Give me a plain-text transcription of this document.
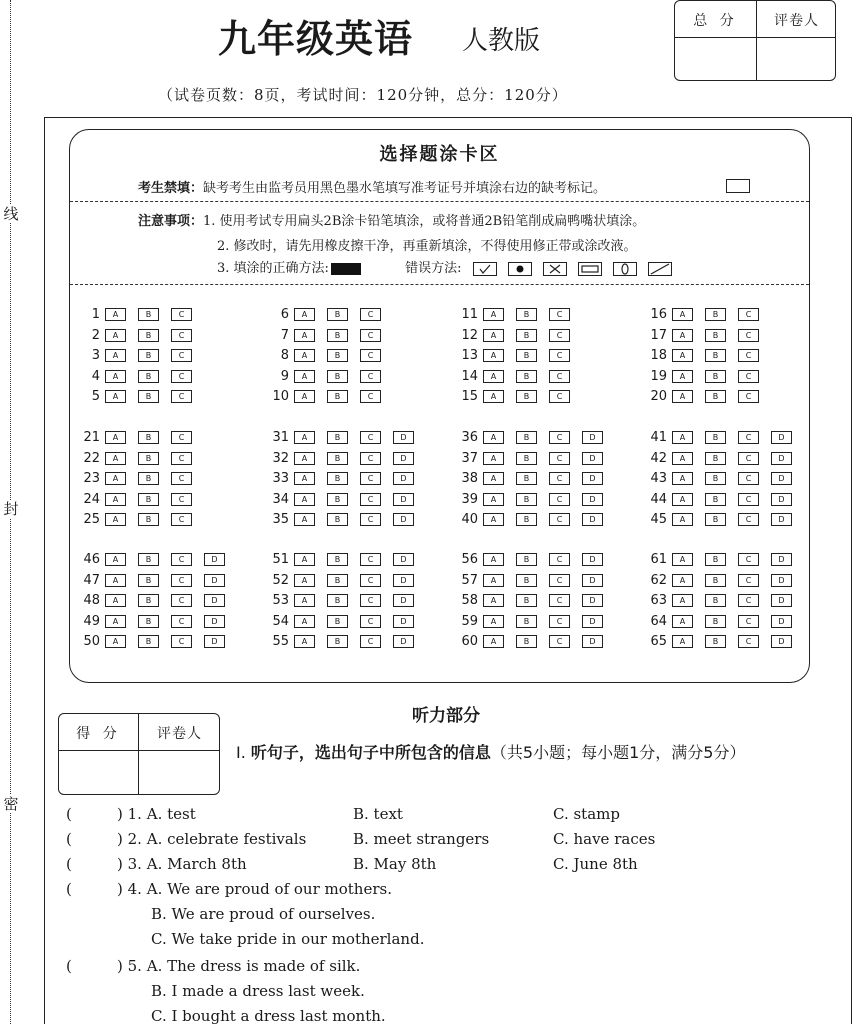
线
封
密
九年级英语 人教版
总 分	评卷人
（试卷页数：8页，考试时间：120分钟，总分：120分）
选择题涂卡区
考生禁填：缺考考生由监考员用黑色墨水笔填写准考证号并填涂右边的缺考标记。
注意事项：1. 使用考试专用扁头2B涂卡铅笔填涂，或将普通2B铅笔削成扁鸭嘴状填涂。
2. 修改时，请先用橡皮擦干净，再重新填涂，不得使用修正带或涂改液。
3. 填涂的正确方法:	错误方法:

1	A	B	C
2	A	B	C
3	A	B	C
4	A	B	C
5	A	B	C
6	A	B	C
7	A	B	C
8	A	B	C
9	A	B	C
10	A	B	C
11	A	B	C
12	A	B	C
13	A	B	C
14	A	B	C
15	A	B	C
16	A	B	C
17	A	B	C
18	A	B	C
19	A	B	C
20	A	B	C
21	A	B	C
22	A	B	C
23	A	B	C
24	A	B	C
25	A	B	C
31	A	B	C	D
32	A	B	C	D
33	A	B	C	D
34	A	B	C	D
35	A	B	C	D
36	A	B	C	D
37	A	B	C	D
38	A	B	C	D
39	A	B	C	D
40	A	B	C	D
41	A	B	C	D
42	A	B	C	D
43	A	B	C	D
44	A	B	C	D
45	A	B	C	D
46	A	B	C	D
47	A	B	C	D
48	A	B	C	D
49	A	B	C	D
50	A	B	C	D
51	A	B	C	D
52	A	B	C	D
53	A	B	C	D
54	A	B	C	D
55	A	B	C	D
56	A	B	C	D
57	A	B	C	D
58	A	B	C	D
59	A	B	C	D
60	A	B	C	D
61	A	B	C	D
62	A	B	C	D
63	A	B	C	D
64	A	B	C	D
65	A	B	C	D
听力部分
得 分	评卷人
Ⅰ. 听句子，选出句子中所包含的信息（共5小题；每小题1分，满分5分）
(	) 1. A. test	B. text	C. stamp
(	) 2. A. celebrate festivals	B. meet strangers	C. have races
(	) 3. A. March 8th	B. May 8th	C. June 8th
(	) 4. A. We are proud of our mothers.
B. We are proud of ourselves.
C. We take pride in our motherland.
(	) 5. A. The dress is made of silk.
B. I made a dress last week.
C. I bought a dress last month.
